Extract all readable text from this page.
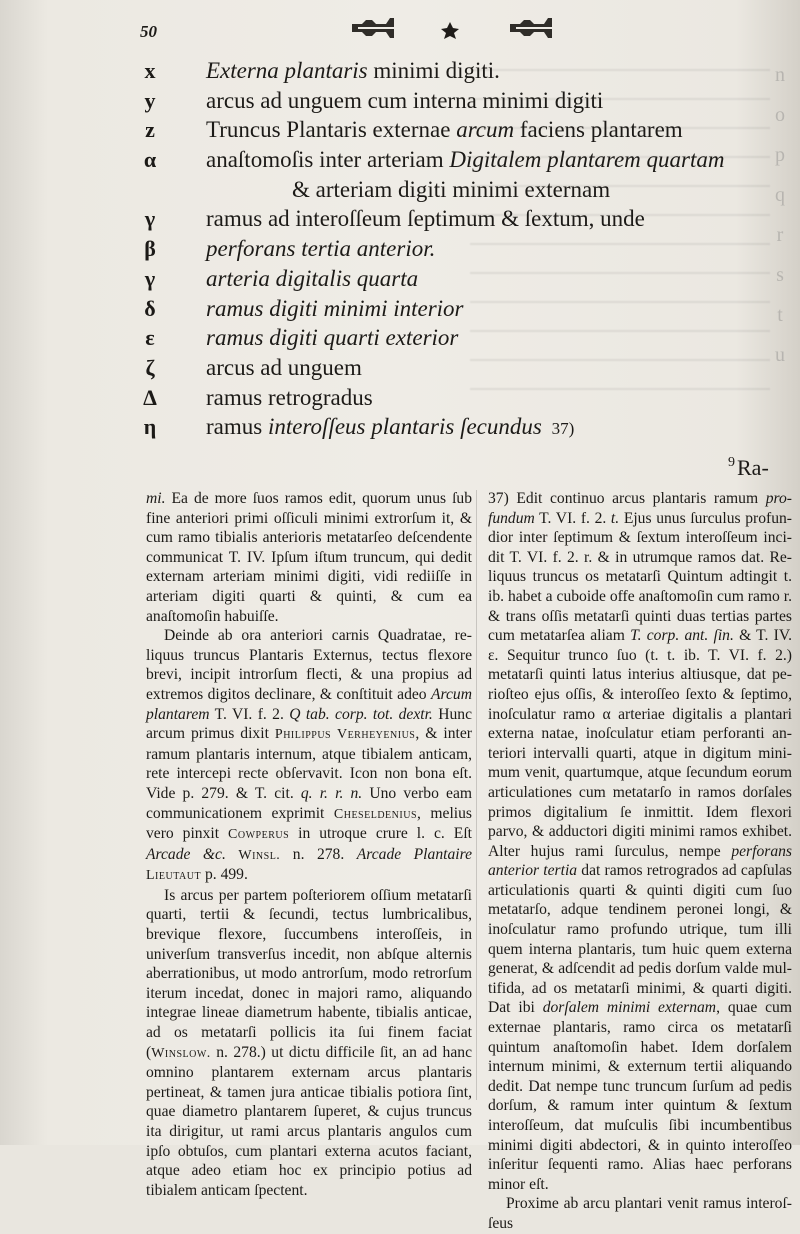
n
o
p
q
r
s
t
u
50
x Externa plantaris minimi digiti.
y arcus ad unguem cum interna minimi digiti
z Truncus Plantaris externae arcum faciens plantarem
α anaſtomoſis inter arteriam Digitalem plantarem quartam
& arteriam digiti minimi externam
γ ramus ad interoſſeum ſeptimum & ſextum, unde
β perforans tertia anterior.
γ arteria digitalis quarta
δ ramus digiti minimi interior
ε ramus digiti quarti exterior
ζ arcus ad unguem
Δ ramus retrogradus
η ramus interoſſeus plantaris ſecundus 37)
$^9$Ra-

mi. Ea de more ſuos ramos edit, quorum unus ſub fine anteriori primi oſſiculi minimi extrorſum it, & cum ramo tibialis anterioris metatarſeo deſcendente communicat T. IV. Ipſum iſtum truncum, qui dedit externam arteriam minimi digiti, vidi rediiſſe in arteriam digiti quarti & quinti, & cum ea anaſtomoſin habuiſſe.

Deinde ab ora anteriori carnis Quadratae, reliquus truncus Plantaris Externus, tectus flexore brevi, incipit introrſum flecti, & una propius ad extremos digitos declinare, & conſtituit adeo Arcum plantarem T. VI. f. 2. Q tab. corp. tot. dextr. Hunc arcum primus dixit Philippus Verheyenius, & inter ramum plantaris internum, atque tibialem anticam, rete intercepi recte obſervavit. Icon non bona eſt. Vide p. 279. & T. cit. q. r. r. n. Uno verbo eam communicationem exprimit Cheseldenius, melius vero pinxit Cowperus in utroque crure l. c. Eſt Arcade &c. Winsl. n. 278. Arcade Plantaire Lieutaut p. 499.

Is arcus per partem poſteriorem oſſium metatarſi quarti, tertii & ſecundi, tectus lumbricalibus, brevique flexore, ſuccumbens interoſſeis, in univerſum transverſus incedit, non abſque alternis aberrationibus, ut modo antrorſum, modo retrorſum iterum incedat, donec in majori ramo, aliquando integrae lineae diametrum habente, tibialis anticae, ad os metatarſi pollicis ita ſui finem faciat (Winslow. n. 278.) ut dictu difficile ſit, an ad hanc omnino plantarem externam arcus plantaris pertineat, & tamen jura anticae tibialis potiora ſint, quae diametro plantarem ſuperet, & cujus truncus ita dirigitur, ut rami arcus plantaris angulos cum ipſo obtuſos, cum plantari externa acutos faciant, atque adeo etiam hoc ex principio potius ad tibialem anticam ſpectent.

37) Edit continuo arcus plantaris ramum profundum T. VI. f. 2. t. Ejus unus ſurculus profundior inter ſeptimum & ſextum interoſſeum incidit T. VI. f. 2. r. & in utrumque ramos dat. Reliquus truncus os metatarſi Quintum adtingit t. ib. habet a cuboide offe anaſtomoſin cum ramo r. & trans oſſis metatarſi quinti duas tertias partes cum metatarſea aliam T. corp. ant. ſin. & T. IV. ε. Sequitur trunco ſuo (t. t. ib. T. VI. f. 2.) metatarſi quinti latus interius altiusque, dat perioſteo ejus oſſis, & interoſſeo ſexto & ſeptimo, inoſculatur ramo α arteriae digitalis a plantari externa natae, inoſculatur etiam perforanti anteriori intervalli quarti, atque in digitum minimum venit, quartumque, atque ſecundum eorum articulationes cum metatarſo in ramos dorſales primos digitalium ſe inmittit. Idem flexori parvo, & adductori digiti minimi ramos exhibet. Alter hujus rami ſurculus, nempe perforans anterior tertia dat ramos retrogrados ad capſulas articulationis quarti & quinti digiti cum ſuo metatarſo, adque tendinem peronei longi, & inoſculatur ramo profundo utrique, tum illi quem interna plantaris, tum huic quem externa generat, & adſcendit ad pedis dorſum valde multifida, ad os metatarſi minimi, & quarti digiti. Dat ibi dorſalem minimi externam, quae cum externae plantaris, ramo circa os metatarſi quintum anaſtomoſin habet. Idem dorſalem internum minimi, & externum tertii aliquando dedit. Dat nempe tunc truncum ſurſum ad pedis dorſum, & ramum inter quintum & ſextum interoſſeum, dat muſculis ſibi incumbentibus minimi digiti abdectori, & in quinto interoſſeo inſeritur ſequenti ramo. Alias haec perforans minor eſt.

Proxime ab arcu plantari venit ramus interoſſeus
